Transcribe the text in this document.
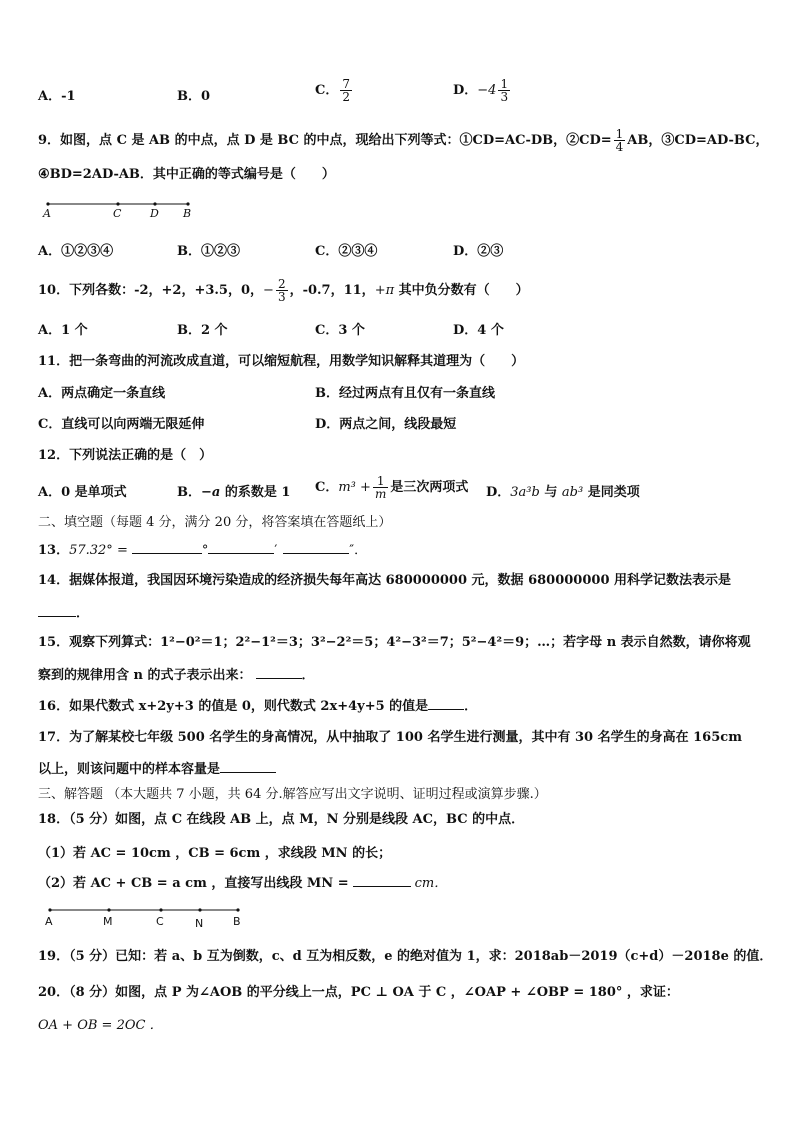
A．-1	B．0	C． $\frac{7}{2}$	D．$-4 \frac{1}{3}$
9．如图，点 C 是 AB 的中点，点 D 是 BC 的中点，现给出下列等式：①CD=AC-DB，②CD= $\frac{1}{4}$ AB，③CD=AD-BC，
④BD=2AD-AB．其中正确的等式编号是（　　）
A	C	D B
A．①②③④	B．①②③	C．②③④	D．②③
10．下列各数：-2，+2，+3.5，0，− $\frac{2}{3}$ ，-0.7，11，+π 其中负分数有（　　）
A．1 个	B．2 个	C．3 个	D．4 个
11．把一条弯曲的河流改成直道，可以缩短航程，用数学知识解释其道理为（　　）
A．两点确定一条直线	B．经过两点有且仅有一条直线
C．直线可以向两端无限延伸	D．两点之间，线段最短
12．下列说法正确的是（　）
A．0 是单项式	B．−a 的系数是 1 C．$m^3 + \frac{1}{m}$ 是三次两项式 D．3a³b 与 ab³ 是同类项
二、填空题（每题 4 分，满分 20 分，将答案填在答题纸上）
13．57.32° =	°	′	″．
14．据媒体报道，我国因环境污染造成的经济损失每年高达 680000000 元，数据 680000000 用科学记数法表示是
．
15．观察下列算式：1²−0²＝1；2²−1²＝3；3²−2²＝5；4²−3²＝7；5²−4²＝9；…；若字母 n 表示自然数，请你将观
察到的规律用含 n 的式子表示出来：	．
16．如果代数式 x+2y+3 的值是 0，则代数式 2x+4y+5 的值是	．
17．为了解某校七年级 500 名学生的身高情况，从中抽取了 100 名学生进行测量，其中有 30 名学生的身高在 165cm
以上，则该问题中的样本容量是
三、解答题 （本大题共 7 小题，共 64 分.解答应写出文字说明、证明过程或演算步骤.）
18．（5 分）如图，点 C 在线段 AB 上，点 M，N 分别是线段 AC，BC 的中点．
（1）若 AC = 10cm ，CB = 6cm ，求线段 MN 的长；
（2）若 AC + CB = a cm ，直接写出线段 MN =	cm．
A	M	C	N	B
19．（5 分）已知：若 a、b 互为倒数，c、d 互为相反数，e 的绝对值为 1，求：2018ab－2019（c+d）－2018e 的值．
20．（8 分）如图，点 P 为∠AOB 的平分线上一点，PC ⊥ OA 于 C ，∠OAP + ∠OBP = 180° ，求证：
OA + OB = 2OC ．
